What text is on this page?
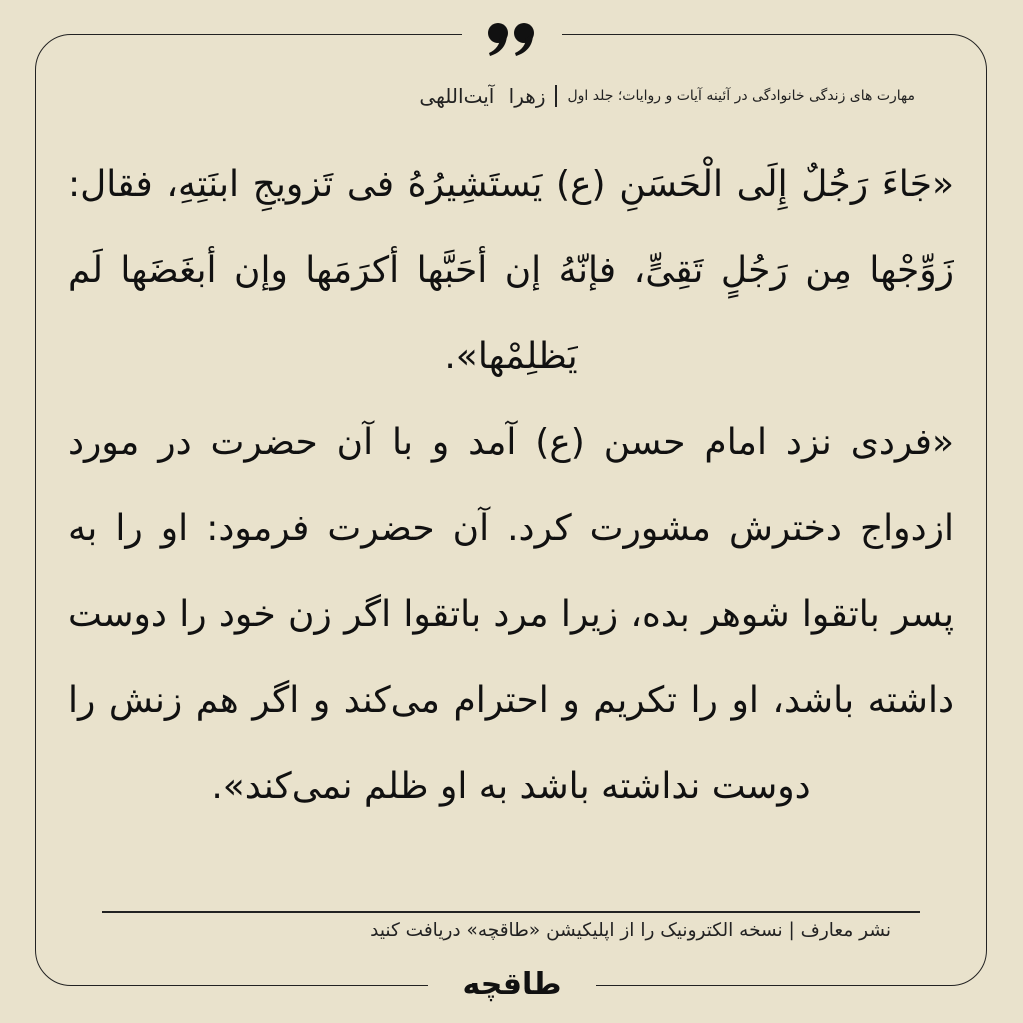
مهارت های زندگی خانوادگی در آئینه آیات و روایات؛ جلد اول
زهرا آیت‌اللهی

«جَاءَ رَجُلٌ إِلَی الْحَسَنِ (ع) یَستَشِیرُهُ فی تَزویجِ ابنَتِهِ، فقال: زَوِّجْها مِن رَجُلٍ تَقِیٍّ، فإنّهُ إن أحَبَّها أکرَمَها وإن أبغَضَها لَم یَظلِمْها».

«فردی نزد امام حسن (ع) آمد و با آن حضرت در مورد ازدواج دخترش مشورت کرد. آن حضرت فرمود: او را به پسر باتقوا شوهر بده، زیرا مرد باتقوا اگر زن خود را دوست داشته باشد، او را تکریم و احترام می‌کند و اگر هم زنش را دوست نداشته باشد به او ظلم نمی‌کند».

نشر معارف | نسخه الکترونیک را از اپلیکیشن «طاقچه» دریافت کنید
طاقچه
